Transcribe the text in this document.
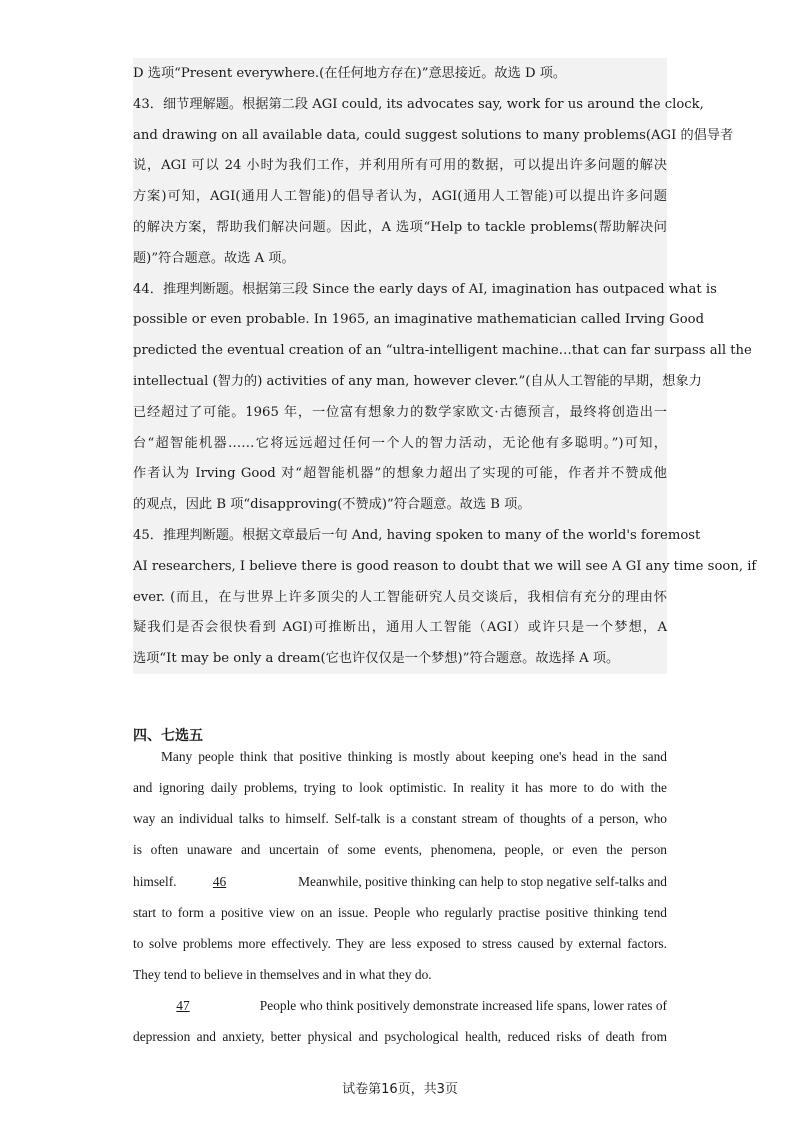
D 选项“Present everywhere.(在任何地方存在)”意思接近。故选 D 项。
43．细节理解题。根据第二段 AGI could, its advocates say, work for us around the clock,
and drawing on all available data, could suggest solutions to many problems(AGI 的倡导者
说，AGI 可以 24 小时为我们工作，并利用所有可用的数据，可以提出许多问题的解决
方案)可知，AGI(通用人工智能)的倡导者认为，AGI(通用人工智能)可以提出许多问题
的解决方案，帮助我们解决问题。因此，A 选项“Help to tackle problems(帮助解决问
题)”符合题意。故选 A 项。
44．推理判断题。根据第三段 Since the early days of AI, imagination has outpaced what is
possible or even probable. In 1965, an imaginative mathematician called Irving Good
predicted the eventual creation of an “ultra-intelligent machine…that can far surpass all the
intellectual (智力的) activities of any man, however clever.”(自从人工智能的早期，想象力
已经超过了可能。1965 年，一位富有想象力的数学家欧文·古德预言，最终将创造出一
台“超智能机器……它将远远超过任何一个人的智力活动，无论他有多聪明。”)可知，
作者认为 Irving Good 对“超智能机器”的想象力超出了实现的可能，作者并不赞成他
的观点，因此 B 项“disapproving(不赞成)”符合题意。故选 B 项。
45．推理判断题。根据文章最后一句 And, having spoken to many of the world's foremost
AI researchers, I believe there is good reason to doubt that we will see A GI any time soon, if
ever. (而且，在与世界上许多顶尖的人工智能研究人员交谈后，我相信有充分的理由怀
疑我们是否会很快看到 AGI)可推断出，通用人工智能（AGI）或许只是一个梦想，A
选项“It may be only a dream(它也许仅仅是一个梦想)”符合题意。故选择 A 项。
四、七选五
Many people think that positive thinking is mostly about keeping one's head in the sand
and ignoring daily problems, trying to look optimistic. In reality it has more to do with the
way an individual talks to himself. Self-talk is a constant stream of thoughts of a person, who
is often unaware and uncertain of some events, phenomena, people, or even the person
himself.	46	Meanwhile, positive thinking can help to stop negative self-talks and
start to form a positive view on an issue. People who regularly practise positive thinking tend
to solve problems more effectively. They are less exposed to stress caused by external factors.
They tend to believe in themselves and in what they do.
47	People who think positively demonstrate increased life spans, lower rates of
depression and anxiety, better physical and psychological health, reduced risks of death from
试卷第16页，共3页
